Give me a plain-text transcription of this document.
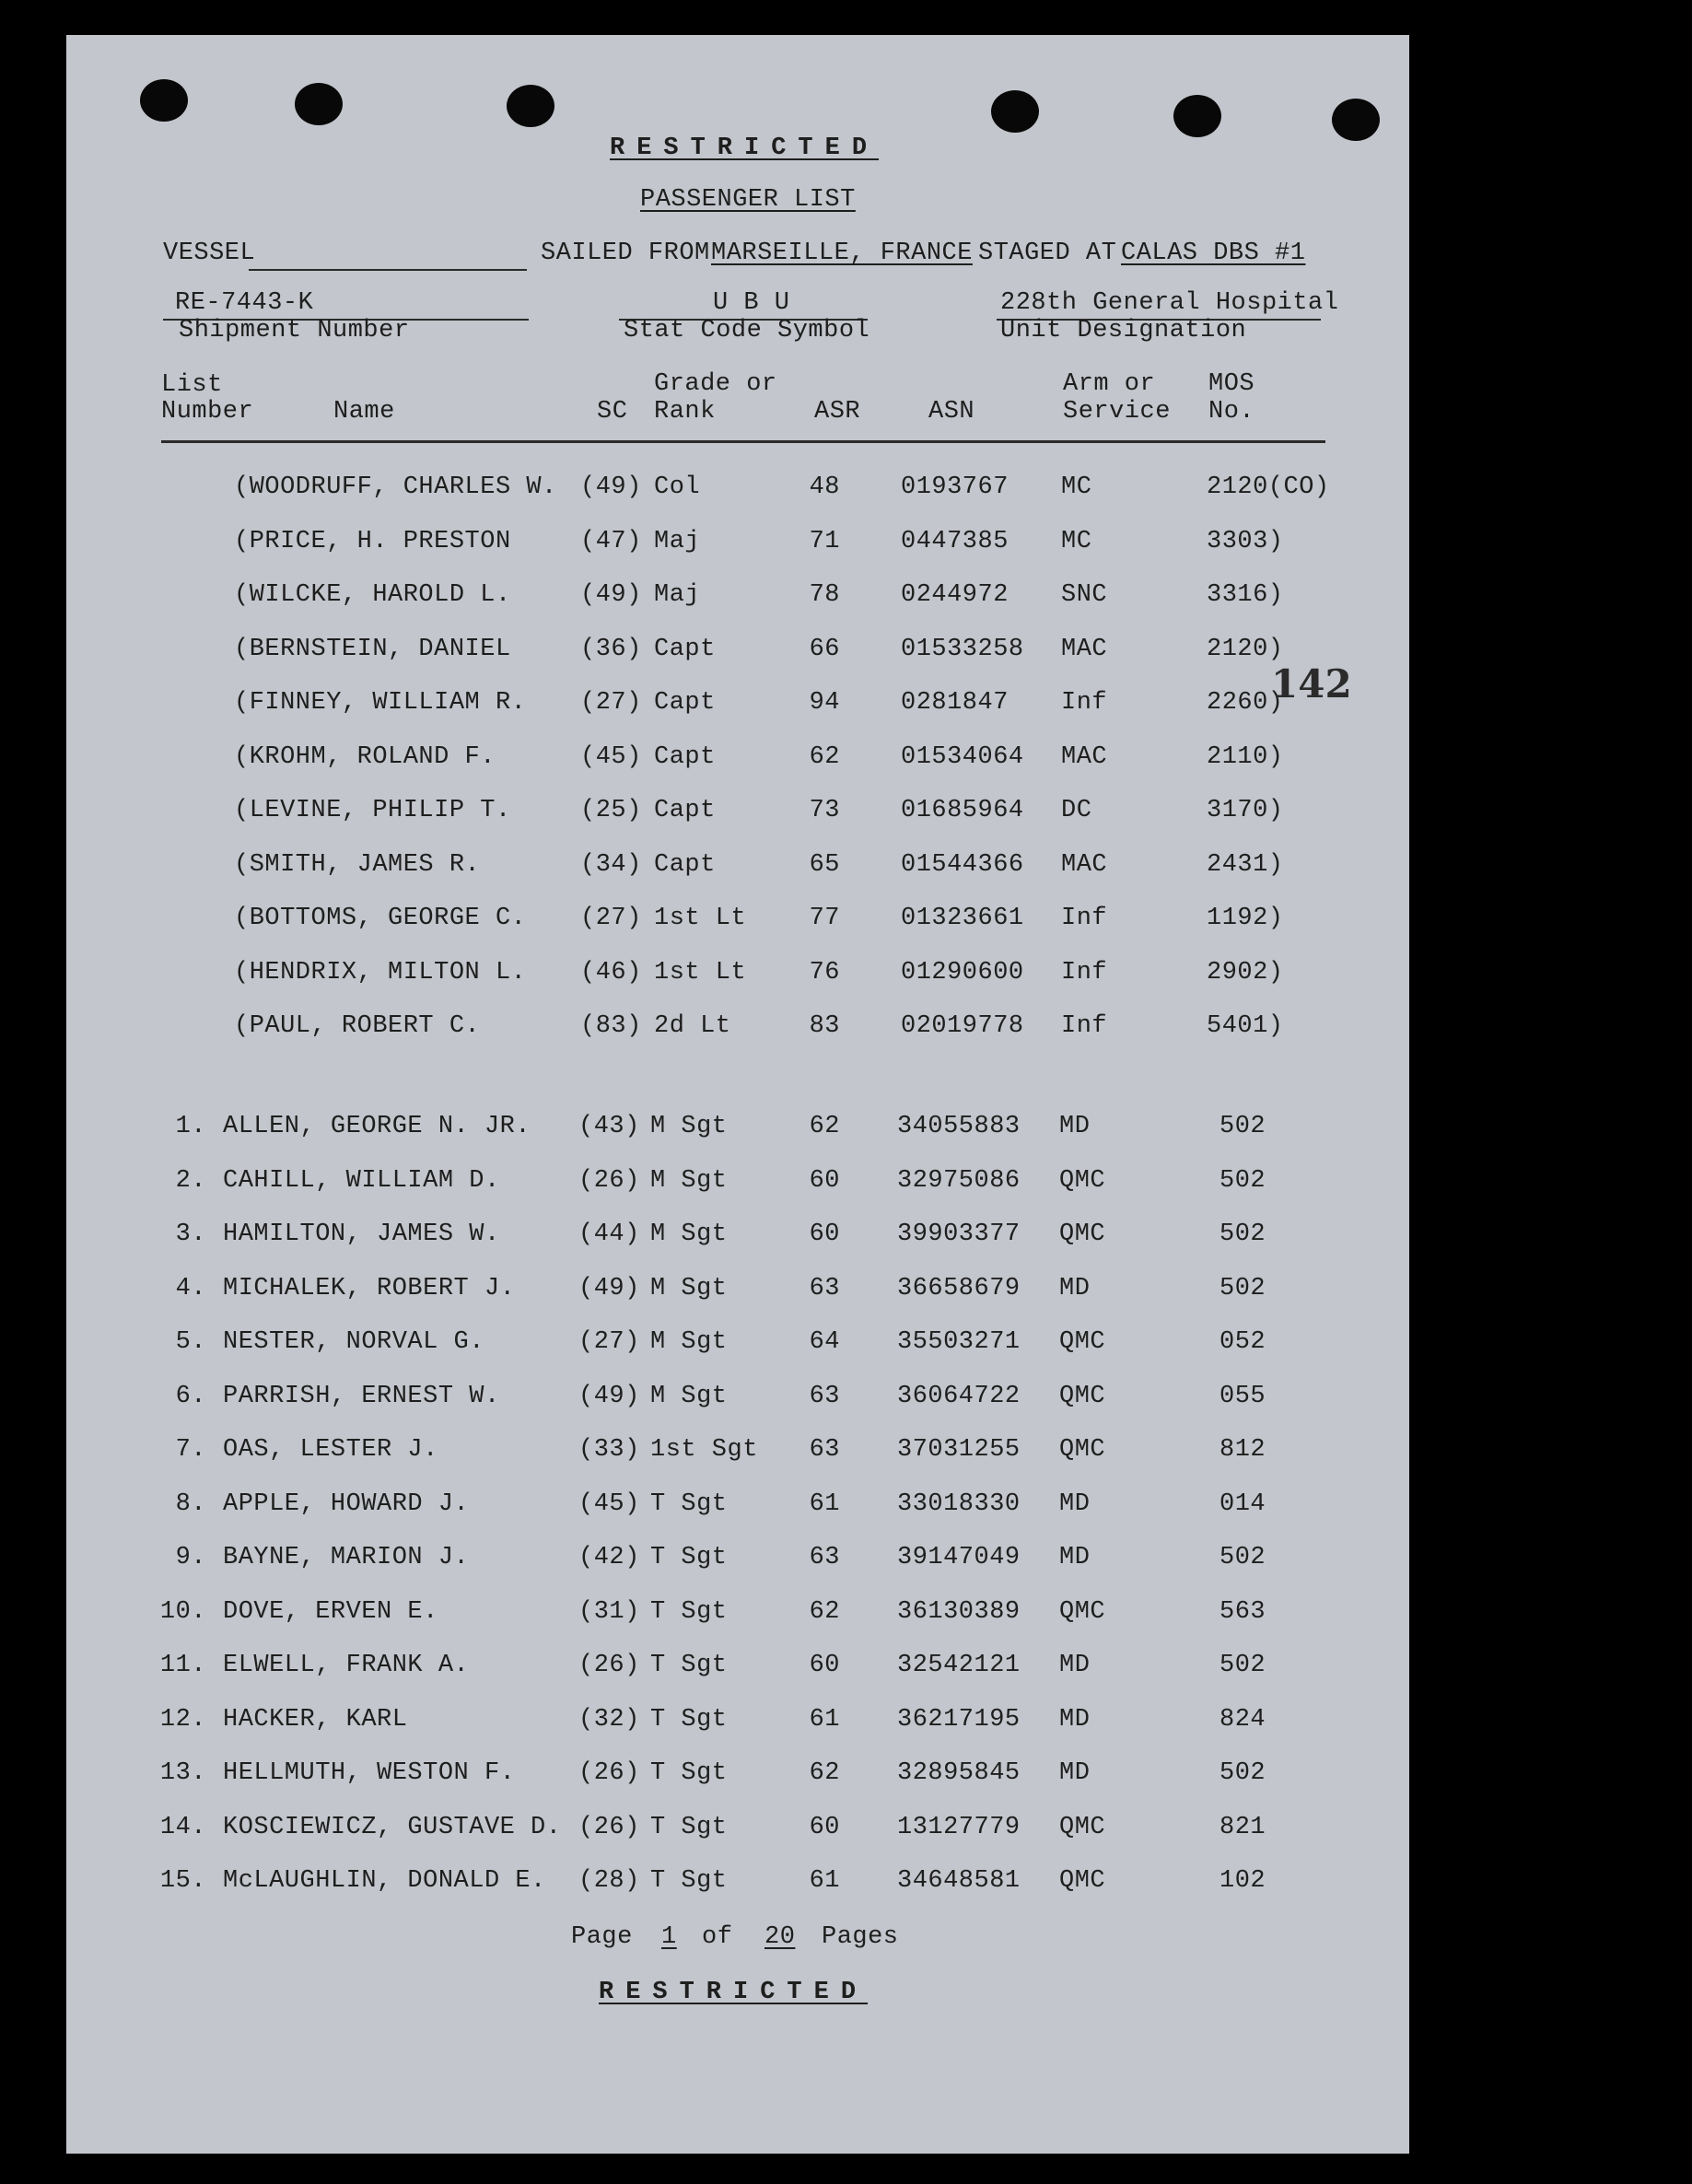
RESTRICTED
PASSENGER LIST
VESSEL	SAILED FROM MARSEILLE, FRANCE STAGED AT CALAS DBS #1
RE-7443-K
Shipment Number
U B U
Stat Code Symbol
228th General Hospital
Unit Designation
List
Number	Name	SC
Grade or
Rank	ASR	ASN
Arm or
Service
MOS
No.
(WOODRUFF, CHARLES W. (49) Col	48 0193767 MC	2120(CO)
(PRICE, H. PRESTON	(47) Maj	71 0447385 MC	3303)
(WILCKE, HAROLD L.	(49) Maj	78 0244972 SNC	3316)
(BERNSTEIN, DANIEL	(36) Capt	66 01533258 MAC	2120)
(FINNEY, WILLIAM R. (27) Capt	94 0281847 Inf	2260)
(KROHM, ROLAND F.	(45) Capt	62 01534064 MAC	2110)
(LEVINE, PHILIP T.	(25) Capt	73 01685964 DC	3170)
(SMITH, JAMES R.	(34) Capt	65 01544366 MAC	2431)
(BOTTOMS, GEORGE C. (27) 1st Lt	77 01323661 Inf	1192)
(HENDRIX, MILTON L. (46) 1st Lt	76 01290600 Inf	2902)
(PAUL, ROBERT C.	(83) 2d Lt	83 02019778 Inf	5401)
142
1. ALLEN, GEORGE N. JR. (43) M Sgt	62 34055883 MD	502
2. CAHILL, WILLIAM D.	(26) M Sgt	60 32975086 QMC	502
3. HAMILTON, JAMES W.	(44) M Sgt	60 39903377 QMC	502
4. MICHALEK, ROBERT J.	(49) M Sgt	63 36658679 MD	502
5. NESTER, NORVAL G.	(27) M Sgt	64 35503271 QMC	052
6. PARRISH, ERNEST W.	(49) M Sgt	63 36064722 QMC	055
7. OAS, LESTER J.	(33) 1st Sgt	63 37031255 QMC	812
8. APPLE, HOWARD J.	(45) T Sgt	61 33018330 MD	014
9. BAYNE, MARION J.	(42) T Sgt	63 39147049 MD	502
10. DOVE, ERVEN E.	(31) T Sgt	62 36130389 QMC	563
11. ELWELL, FRANK A.	(26) T Sgt	60 32542121 MD	502
12. HACKER, KARL	(32) T Sgt	61 36217195 MD	824
13. HELLMUTH, WESTON F.	(26) T Sgt	62 32895845 MD	502
14. KOSCIEWICZ, GUSTAVE D. (26) T Sgt	60 13127779 QMC	821
15. McLAUGHLIN, DONALD E. (28) T Sgt	61 34648581 QMC	102
Page 1 of 20 Pages
RESTRICTED
